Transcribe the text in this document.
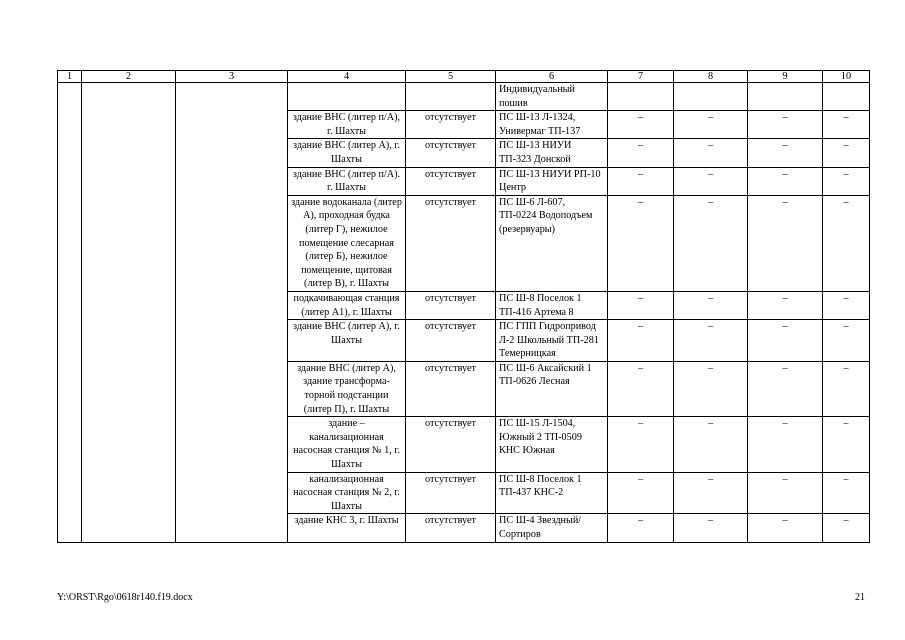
1	2	3	4	5	6	7	8	9	10
					Индивидуальный пошив				
			здание ВНС (литер п/А), г. Шахты	отсутствует	ПС Ш-13 Л-1324, Универмаг ТП-137	–	–	–	–
			здание ВНС (литер А), г. Шахты	отсутствует	ПС Ш-13 НИУИ ТП-323 Донской	–	–	–	–
			здание ВНС (литер п/А). г. Шахты	отсутствует	ПС Ш-13 НИУИ РП-10 Центр	–	–	–	–
			здание водоканала (литер А), проходная будка (литер Г), нежилое помещение слесарная (литер Б), нежилое помещение, щитовая (литер В), г. Шахты	отсутствует	ПС Ш-6 Л-607, ТП-0224 Водоподъем (резервуары)	–	–	–	–
			подкачивающая станция (литер А1), г. Шахты	отсутствует	ПС Ш-8 Поселок 1 ТП-416 Артема 8	–	–	–	–
			здание ВНС (литер А), г. Шахты	отсутствует	ПС ГПП Гидропривод Л-2 Школьный ТП-281 Темерницкая	–	–	–	–
			здание ВНС (литер А), здание трансформа-торной подстанции (литер П), г. Шахты	отсутствует	ПС Ш-6 Аксайский 1 ТП-0626 Лесная	–	–	–	–
			здание – канализационная насосная станция № 1, г. Шахты	отсутствует	ПС Ш-15 Л-1504, Южный 2 ТП-0509 КНС Южная	–	–	–	–
			канализационная насосная станция № 2, г. Шахты	отсутствует	ПС Ш-8 Поселок 1 ТП-437 КНС-2	–	–	–	–
			здание КНС 3, г. Шахты	отсутствует	ПС Ш-4 Звездный/Сортиров	–	–	–	–
Y:\ORST\Rgo\0618r140.f19.docx	21
